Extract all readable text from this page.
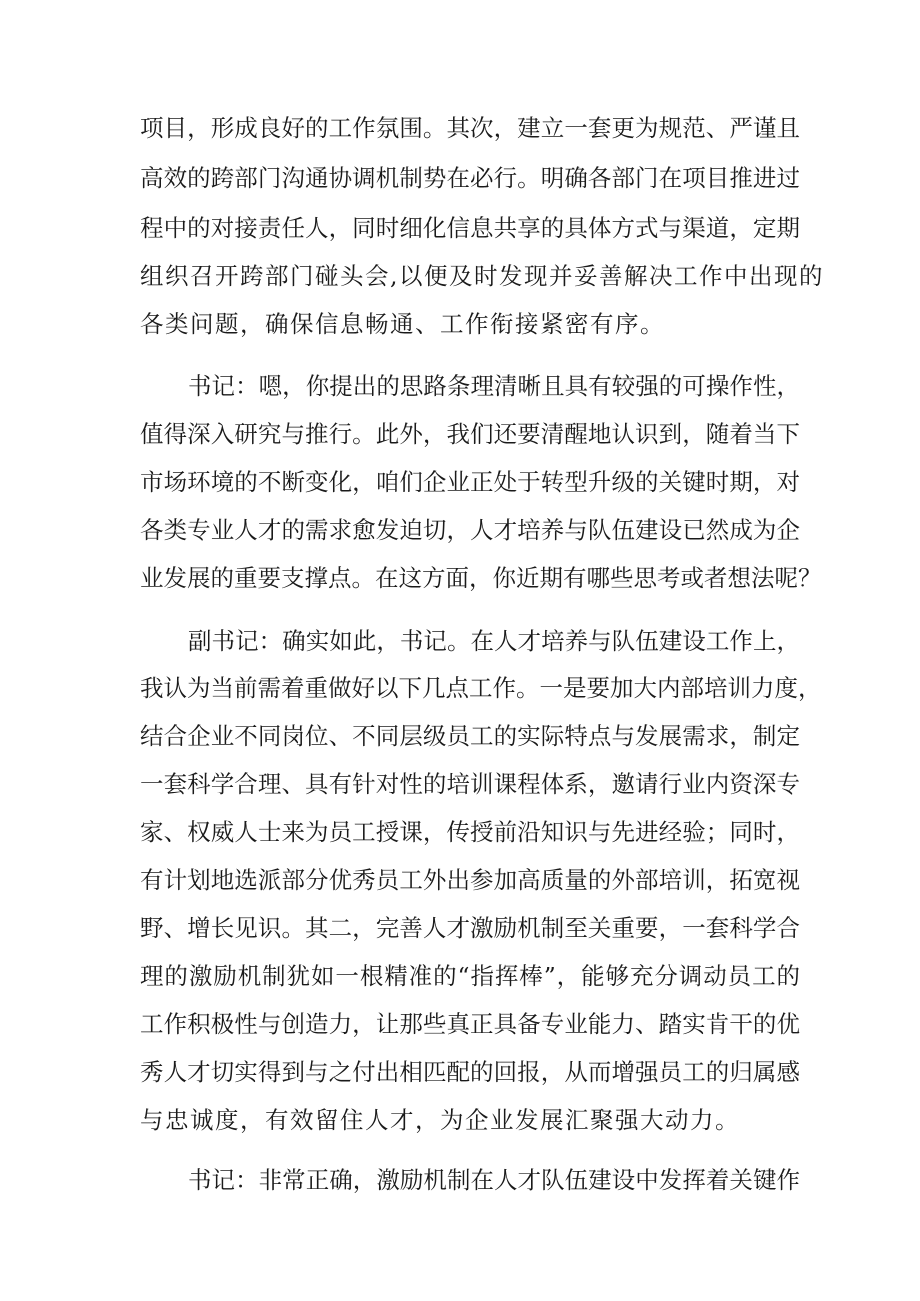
项目，形成良好的工作氛围。其次，建立一套更为规范、严谨且
高效的跨部门沟通协调机制势在必行。明确各部门在项目推进过
程中的对接责任人，同时细化信息共享的具体方式与渠道，定期
组织召开跨部门碰头会,以便及时发现并妥善解决工作中出现的
各类问题，确保信息畅通、工作衔接紧密有序。
书记：嗯，你提出的思路条理清晰且具有较强的可操作性，
值得深入研究与推行。此外，我们还要清醒地认识到，随着当下
市场环境的不断变化，咱们企业正处于转型升级的关键时期，对
各类专业人才的需求愈发迫切，人才培养与队伍建设已然成为企
业发展的重要支撑点。在这方面，你近期有哪些思考或者想法呢？
副书记：确实如此，书记。在人才培养与队伍建设工作上，
我认为当前需着重做好以下几点工作。一是要加大内部培训力度，
结合企业不同岗位、不同层级员工的实际特点与发展需求，制定
一套科学合理、具有针对性的培训课程体系，邀请行业内资深专
家、权威人士来为员工授课，传授前沿知识与先进经验；同时，
有计划地选派部分优秀员工外出参加高质量的外部培训，拓宽视
野、增长见识。其二，完善人才激励机制至关重要，一套科学合
理的激励机制犹如一根精准的“指挥棒”，能够充分调动员工的
工作积极性与创造力，让那些真正具备专业能力、踏实肯干的优
秀人才切实得到与之付出相匹配的回报，从而增强员工的归属感
与忠诚度，有效留住人才，为企业发展汇聚强大动力。
书记：非常正确，激励机制在人才队伍建设中发挥着关键作
